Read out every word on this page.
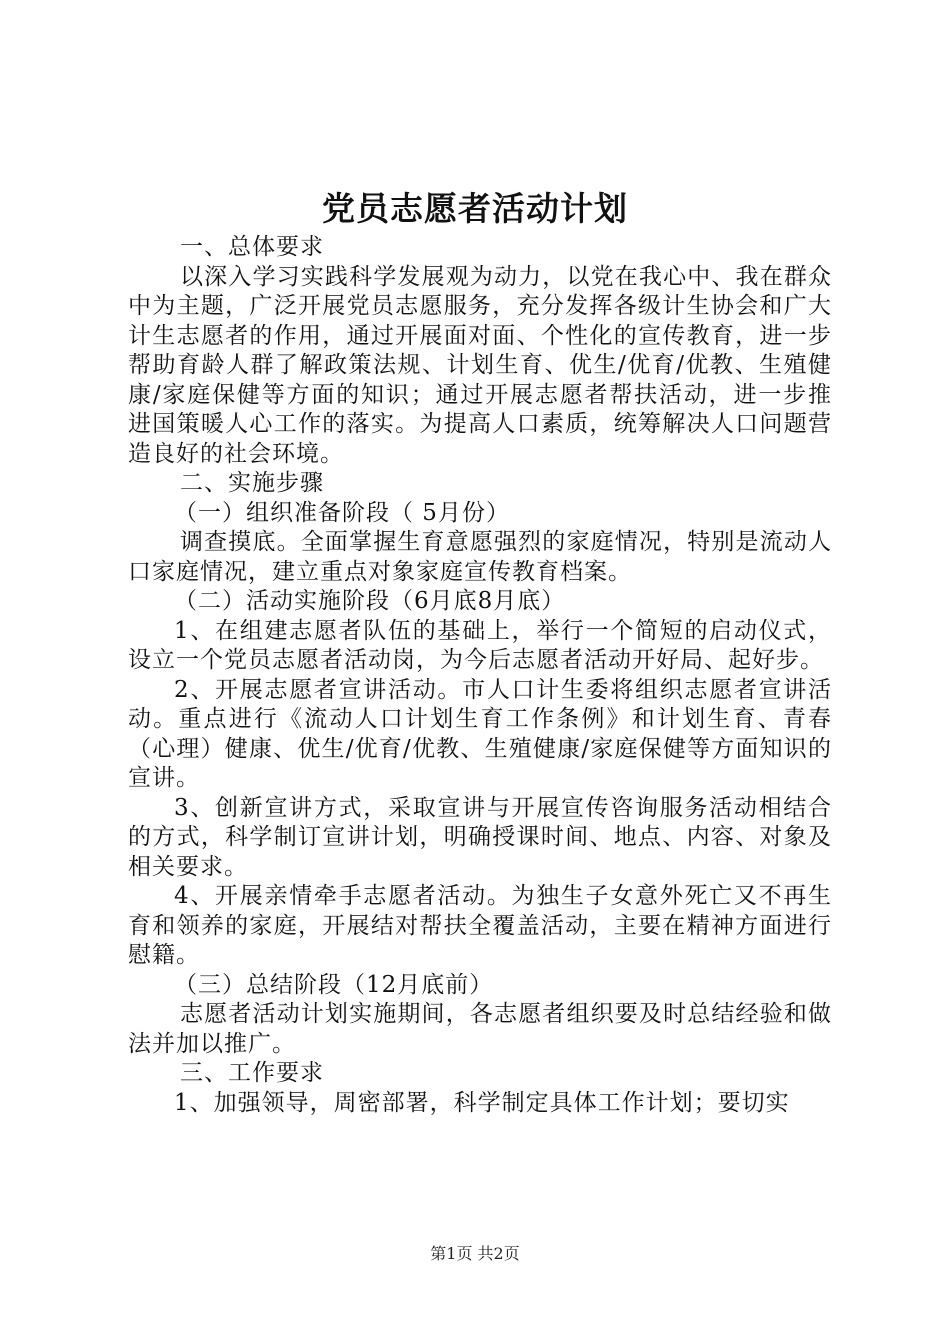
党员志愿者活动计划

一、总体要求

以深入学习实践科学发展观为动力，以党在我心中、我在群众中为主题，广泛开展党员志愿服务，充分发挥各级计生协会和广大计生志愿者的作用，通过开展面对面、个性化的宣传教育，进一步帮助育龄人群了解政策法规、计划生育、优生/优育/优教、生殖健康/家庭保健等方面的知识；通过开展志愿者帮扶活动，进一步推进国策暖人心工作的落实。为提高人口素质，统筹解决人口问题营造良好的社会环境。

二、实施步骤

（一）组织准备阶段（ 5月份）

调查摸底。全面掌握生育意愿强烈的家庭情况，特别是流动人口家庭情况，建立重点对象家庭宣传教育档案。

（二）活动实施阶段（6月底8月底）

1、在组建志愿者队伍的基础上，举行一个简短的启动仪式，设立一个党员志愿者活动岗，为今后志愿者活动开好局、起好步。

2、开展志愿者宣讲活动。市人口计生委将组织志愿者宣讲活动。重点进行《流动人口计划生育工作条例》和计划生育、青春（心理）健康、优生/优育/优教、生殖健康/家庭保健等方面知识的宣讲。

3、创新宣讲方式，采取宣讲与开展宣传咨询服务活动相结合的方式，科学制订宣讲计划，明确授课时间、地点、内容、对象及相关要求。

4、开展亲情牵手志愿者活动。为独生子女意外死亡又不再生育和领养的家庭，开展结对帮扶全覆盖活动，主要在精神方面进行慰籍。

（三）总结阶段（12月底前）

志愿者活动计划实施期间，各志愿者组织要及时总结经验和做法并加以推广。

三、工作要求

1、加强领导，周密部署，科学制定具体工作计划；要切实

第1页 共2页
